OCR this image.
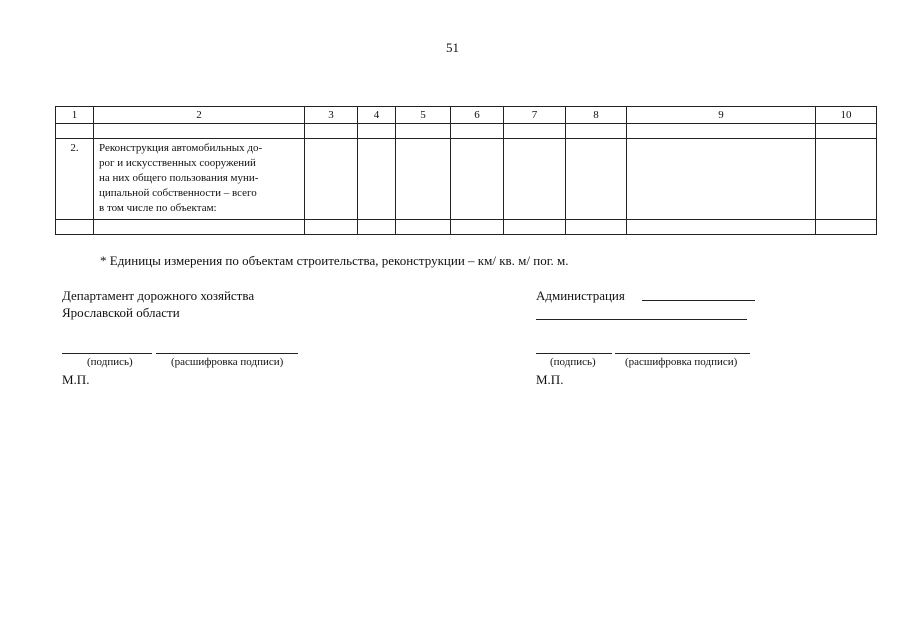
51
1	2	3	4	5	6	7	8	9	10

2.	Реконструкция автомобильных до-
рог и искусственных сооружений
на них общего пользования муни-
ципальной собственности – всего
в том числе по объектам:								

* Единицы измерения по объектам строительства, реконструкции – км/ кв. м/ пог. м.
Департамент дорожного хозяйства
Ярославской области
(подпись)	(расшифровка подписи)
М.П.
Администрация
(подпись)	(расшифровка подписи)
М.П.
